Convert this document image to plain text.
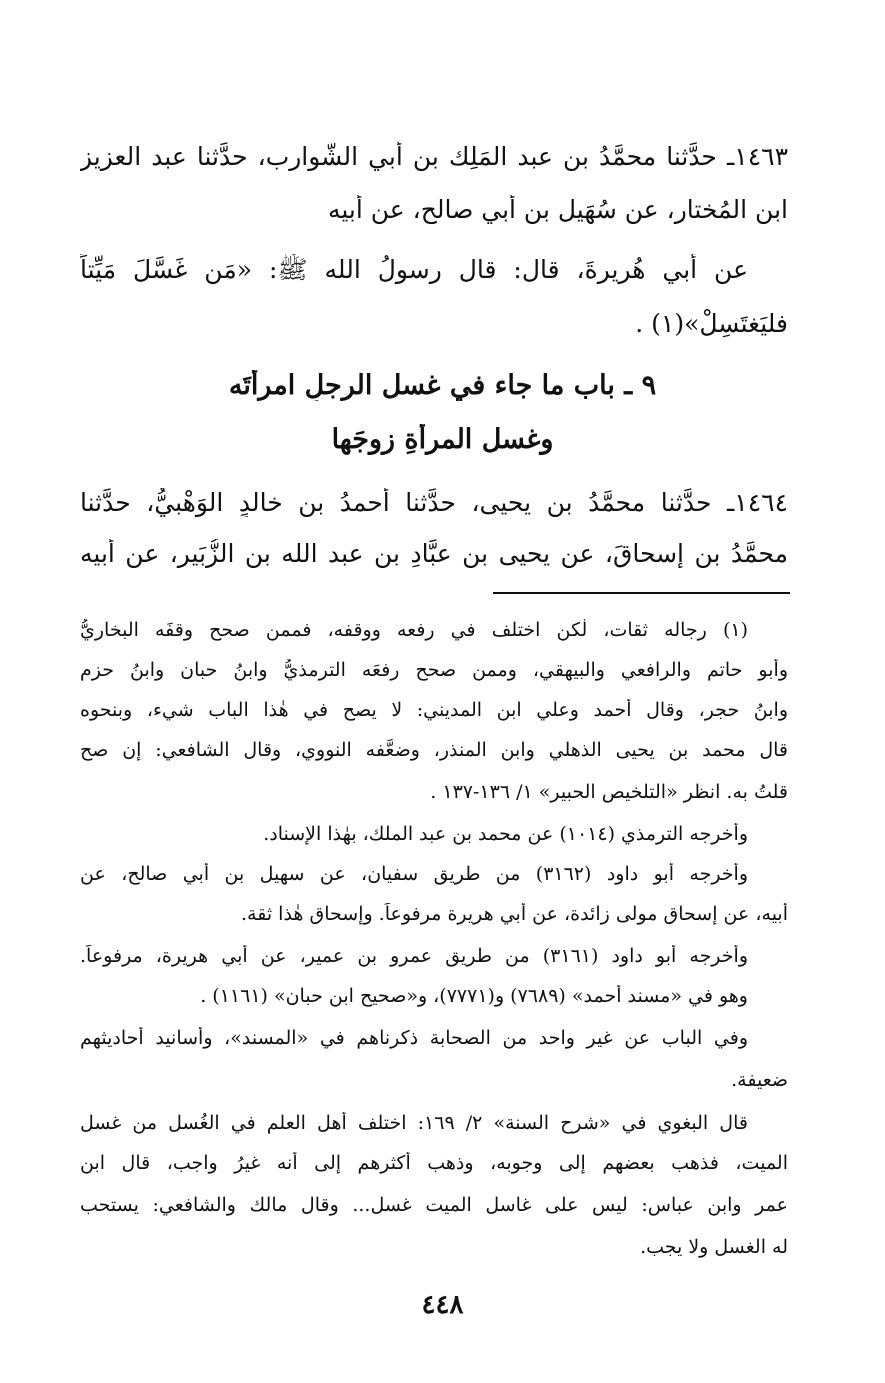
١٤٦٣ـ حدَّثنا محمَّدُ بن عبد المَلِك بن أبي الشَّوارب، حدَّثنا عبد العزيز
ابن المُختار، عن سُهَيلِ بن أبي صالحٍ، عن أبيه
عن أبي هُريرةَ، قال: قال رسولُ الله ﷺ: «مَن غَسَّلَ مَيِّتاً
فليَغتَسِلْ»(١) .
٩ ـ باب ما جاء في غسل الرجلِ امرأتَه
وغسل المرأةِ زوجَها
١٤٦٤ـ حدَّثنا محمَّدُ بن يحيى، حدَّثنا أحمدُ بن خالدٍ الوَهْبيُّ، حدَّثنا
محمَّدُ بن إسحاقَ، عن يحيى بن عبَّادِ بن عبد الله بن الزُّبَير، عن أبيه
(١) رجاله ثقات، لٰكن اختلف في رفعه ووقفه، فممن صحح وقفَه البخاريُّ
وأبو حاتم والرافعي والبيهقي، وممن صحح رفعَه الترمذيُّ وابنُ حبان وابنُ حزم
وابنُ حجر، وقال أحمد وعلي ابن المديني: لا يصح في هٰذا الباب شيء، وبنحوه
قال محمد بن يحيى الذهلي وابن المنذر، وضعَّفه النووي، وقال الشافعي: إن صح
قلتُ به. انظر «التلخيص الحبير» ١/ ١٣٦-١٣٧ .
وأخرجه الترمذي (١٠١٤) عن محمد بن عبد الملك، بهٰذا الإسناد.
وأخرجه أبو داود (٣١٦٢) من طريق سفيان، عن سهيل بن أبي صالح، عن
أبيه، عن إسحاق مولى زائدة، عن أبي هريرة مرفوعاً. وإسحاق هٰذا ثقة.
وأخرجه أبو داود (٣١٦١) من طريق عمرو بن عمير، عن أبي هريرة، مرفوعاً.
وهو في «مسند أحمد» (٧٦٨٩) و(٧٧٧١)، و«صحيح ابن حبان» (١١٦١) .
وفي الباب عن غير واحد من الصحابة ذكرناهم في «المسند»، وأسانيد أحاديثهم
ضعيفة.
قال البغوي في «شرح السنة» ٢/ ١٦٩: اختلف أهل العلم في الغُسل من غسل
الميت، فذهب بعضهم إلى وجوبه، وذهب أكثرهم إلى أنه غيرُ واجب، قال ابن
عمر وابن عباس: ليس على غاسل الميت غسل... وقال مالك والشافعي: يستحب
له الغسل ولا يجب.
٤٤٨
